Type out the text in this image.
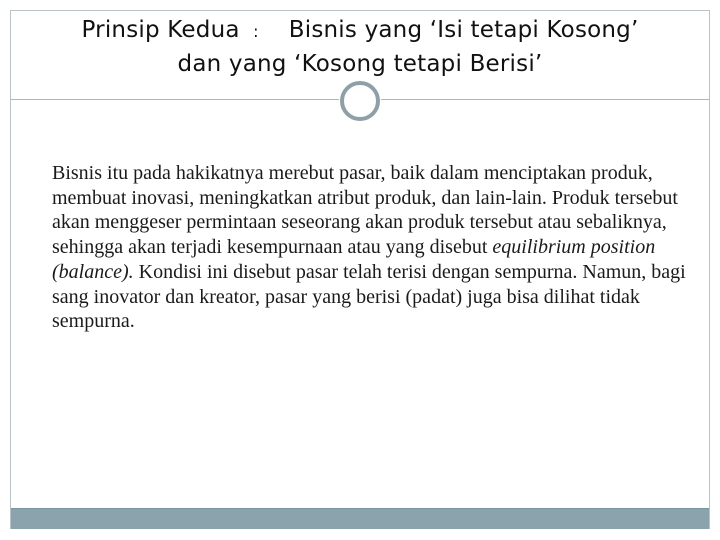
Prinsip Kedua : Bisnis yang ‘Isi tetapi Kosong’
dan yang ‘Kosong tetapi Berisi’
Bisnis itu pada hakikatnya merebut pasar, baik dalam menciptakan produk, membuat inovasi, meningkatkan atribut produk, dan lain-lain. Produk tersebut akan menggeser permintaan seseorang akan produk tersebut atau sebaliknya, sehingga akan terjadi kesempurnaan atau yang disebut equilibrium position (balance). Kondisi ini disebut pasar telah terisi dengan sempurna. Namun, bagi sang inovator dan kreator, pasar yang berisi (padat) juga bisa dilihat tidak sempurna.
